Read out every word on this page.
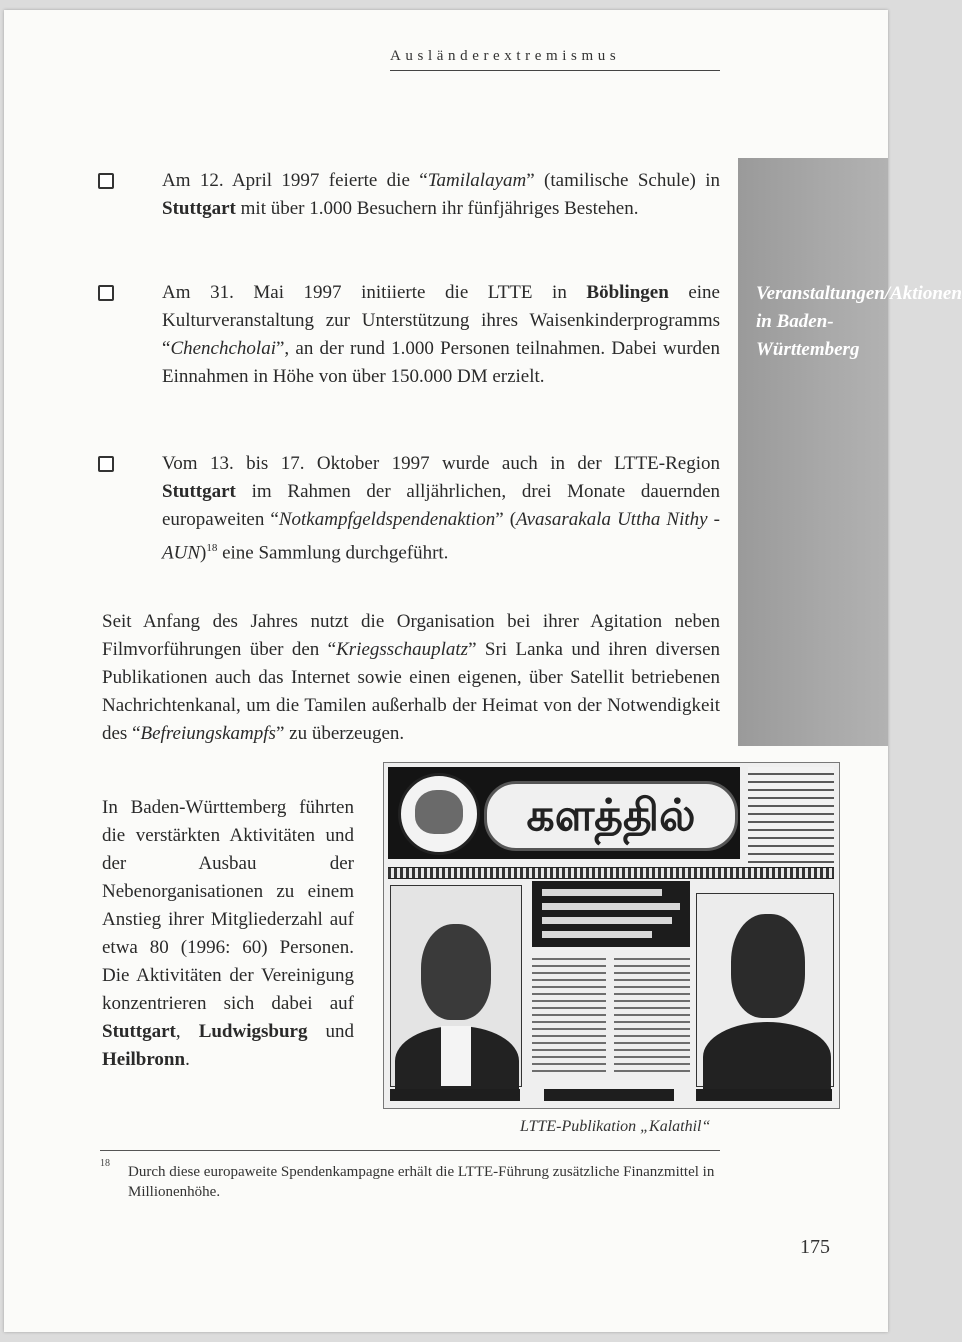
Ausländerextremismus
Am 12. April 1997 feierte die “Tamilalayam” (tamilische Schule) in Stuttgart mit über 1.000 Besuchern ihr fünfjähriges Bestehen.
Am 31. Mai 1997 initiierte die LTTE in Böblingen eine Kulturveranstaltung zur Unterstützung ihres Waisenkinderprogramms “Chenchcholai”, an der rund 1.000 Personen teilnahmen. Dabei wurden Einnahmen in Höhe von über 150.000 DM erzielt.
Vom 13. bis 17. Oktober 1997 wurde auch in der LTTE-Region Stuttgart im Rahmen der alljährlichen, drei Monate dauernden europaweiten “Notkampfgeldspendenaktion” (Avasarakala Uttha Nithy - AUN)$^{18}$ eine Sammlung durchgeführt.
Veranstaltungen/Aktionen in Baden-Württemberg
Seit Anfang des Jahres nutzt die Organisation bei ihrer Agitation neben Filmvorführungen über den “Kriegsschauplatz” Sri Lanka und ihren diversen Publikationen auch das Internet sowie einen eigenen, über Satellit betriebenen Nachrichtenkanal, um die Tamilen außerhalb der Heimat von der Notwendigkeit des “Befreiungskampfs” zu überzeugen.
In Baden-Württemberg führten die verstärkten Aktivitäten und der Ausbau der Nebenorganisationen zu einem Anstieg ihrer Mitgliederzahl auf etwa 80 (1996: 60) Personen. Die Aktivitäten der Vereinigung konzentrieren sich dabei auf Stuttgart, Ludwigsburg und Heilbronn.
களத்தில்
LTTE-Publikation „Kalathil“
18
Durch diese europaweite Spendenkampagne erhält die LTTE-Führung zusätzliche Finanzmittel in Millionenhöhe.
175
